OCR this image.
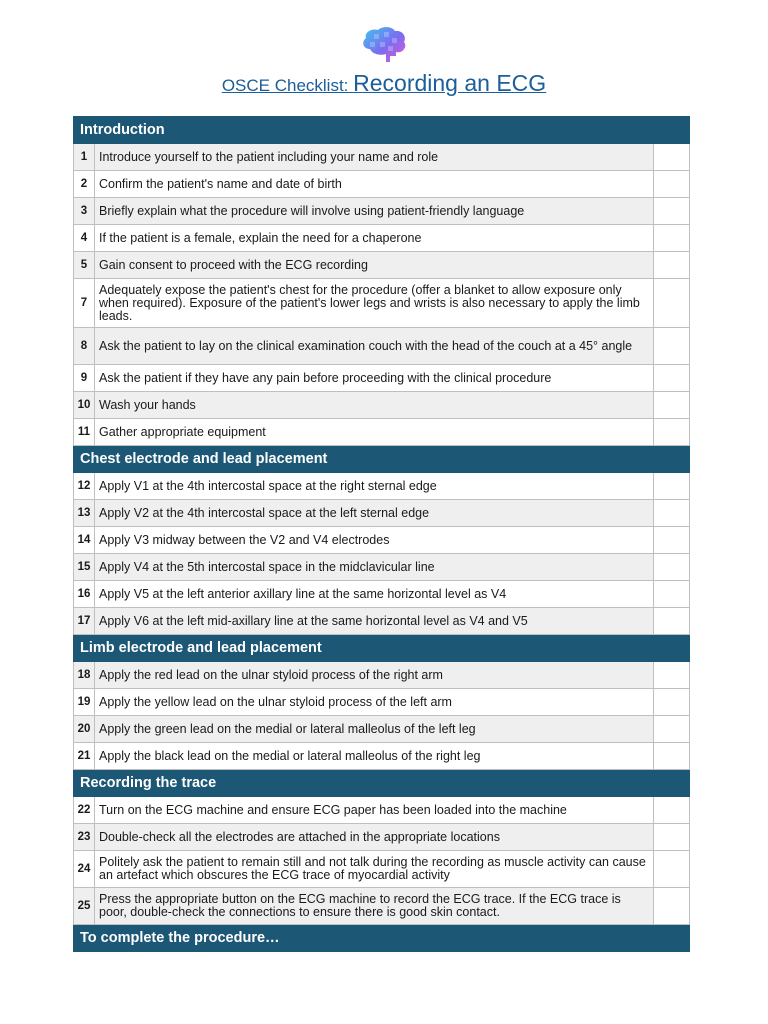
OSCE Checklist: Recording an ECG
Introduction		
1	Introduce yourself to the patient including your name and role	
2	Confirm the patient's name and date of birth	
3	Briefly explain what the procedure will involve using patient-friendly language	
4	If the patient is a female, explain the need for a chaperone	
5	Gain consent to proceed with the ECG recording	
7	Adequately expose the patient's chest for the procedure (offer a blanket to allow exposure only when required). Exposure of the patient's lower legs and wrists is also necessary to apply the limb leads.	
8	Ask the patient to lay on the clinical examination couch with the head of the couch at a 45° angle	
9	Ask the patient if they have any pain before proceeding with the clinical procedure	
10	Wash your hands	
11	Gather appropriate equipment	
Chest electrode and lead placement		
12	Apply V1 at the 4th intercostal space at the right sternal edge	
13	Apply V2 at the 4th intercostal space at the left sternal edge	
14	Apply V3 midway between the V2 and V4 electrodes	
15	Apply V4 at the 5th intercostal space in the midclavicular line	
16	Apply V5 at the left anterior axillary line at the same horizontal level as V4	
17	Apply V6 at the left mid-axillary line at the same horizontal level as V4 and V5	
Limb electrode and lead placement		
18	Apply the red lead on the ulnar styloid process of the right arm	
19	Apply the yellow lead on the ulnar styloid process of the left arm	
20	Apply the green lead on the medial or lateral malleolus of the left leg	
21	Apply the black lead on the medial or lateral malleolus of the right leg	
Recording the trace		
22	Turn on the ECG machine and ensure ECG paper has been loaded into the machine	
23	Double-check all the electrodes are attached in the appropriate locations	
24	Politely ask the patient to remain still and not talk during the recording as muscle activity can cause an artefact which obscures the ECG trace of myocardial activity	
25	Press the appropriate button on the ECG machine to record the ECG trace. If the ECG trace is poor, double-check the connections to ensure there is good skin contact.	
To complete the procedure…		
